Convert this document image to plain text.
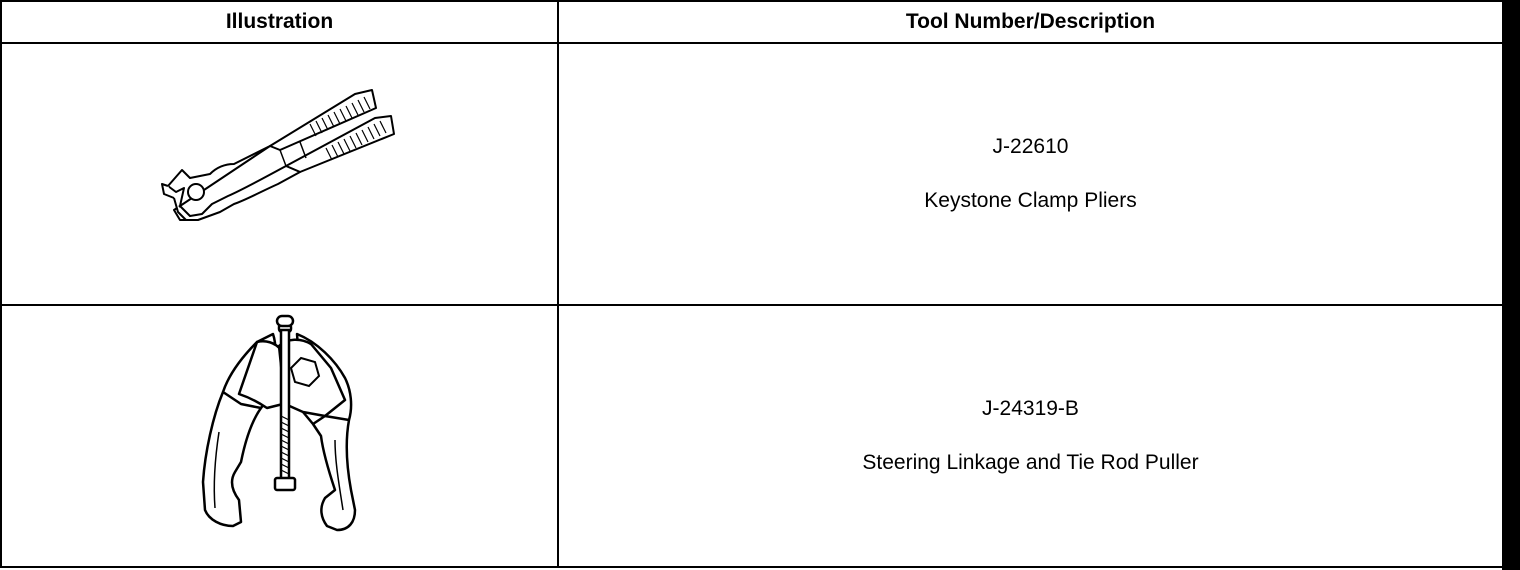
Illustration	Tool Number/Description
J-22610
Keystone Clamp Pliers
J-24319-B
Steering Linkage and Tie Rod Puller
